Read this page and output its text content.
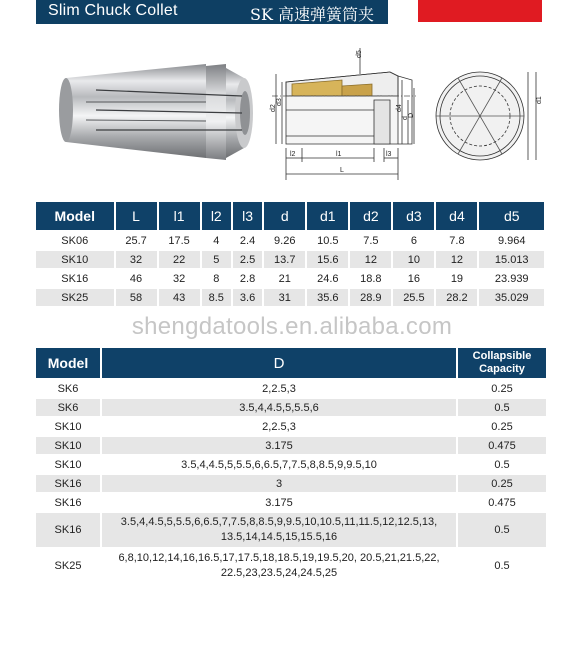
Slim Chuck Collet	SK 高速弹簧筒夹
d5
d3
d2	d4
d
D
l2	l1	l3
L
d1
Model	L	l1	l2	l3	d	d1	d2	d3	d4	d5
SK06	25.7	17.5	4	2.4	9.26	10.5	7.5	6	7.8	9.964
SK10	32	22	5	2.5	13.7	15.6	12	10	12	15.013
SK16	46	32	8	2.8	21	24.6	18.8	16	19	23.939
SK25	58	43	8.5	3.6	31	35.6	28.9	25.5	28.2	35.029
shengdatools.en.alibaba.com
Model	D	Collapsible
Capacity
SK6	2,2.5,3	0.25
SK6	3.5,4,4.5,5,5.5,6	0.5
SK10	2,2.5,3	0.25
SK10	3.175	0.475
SK10	3.5,4,4.5,5,5.5,6,6.5,7,7.5,8,8.5,9,9.5,10	0.5
SK16	3	0.25
SK16	3.175	0.475
SK16	3.5,4,4.5,5,5.5,6,6.5,7,7.5,8,8.5,9,9.5,10,10.5,11,11.5,12,12.5,13,
13.5,14,14.5,15,15.5,16	0.5
SK25	6,8,10,12,14,16,16.5,17,17.5,18,18.5,19,19.5,20, 20.5,21,21.5,22,
22.5,23,23.5,24,24.5,25	0.5
